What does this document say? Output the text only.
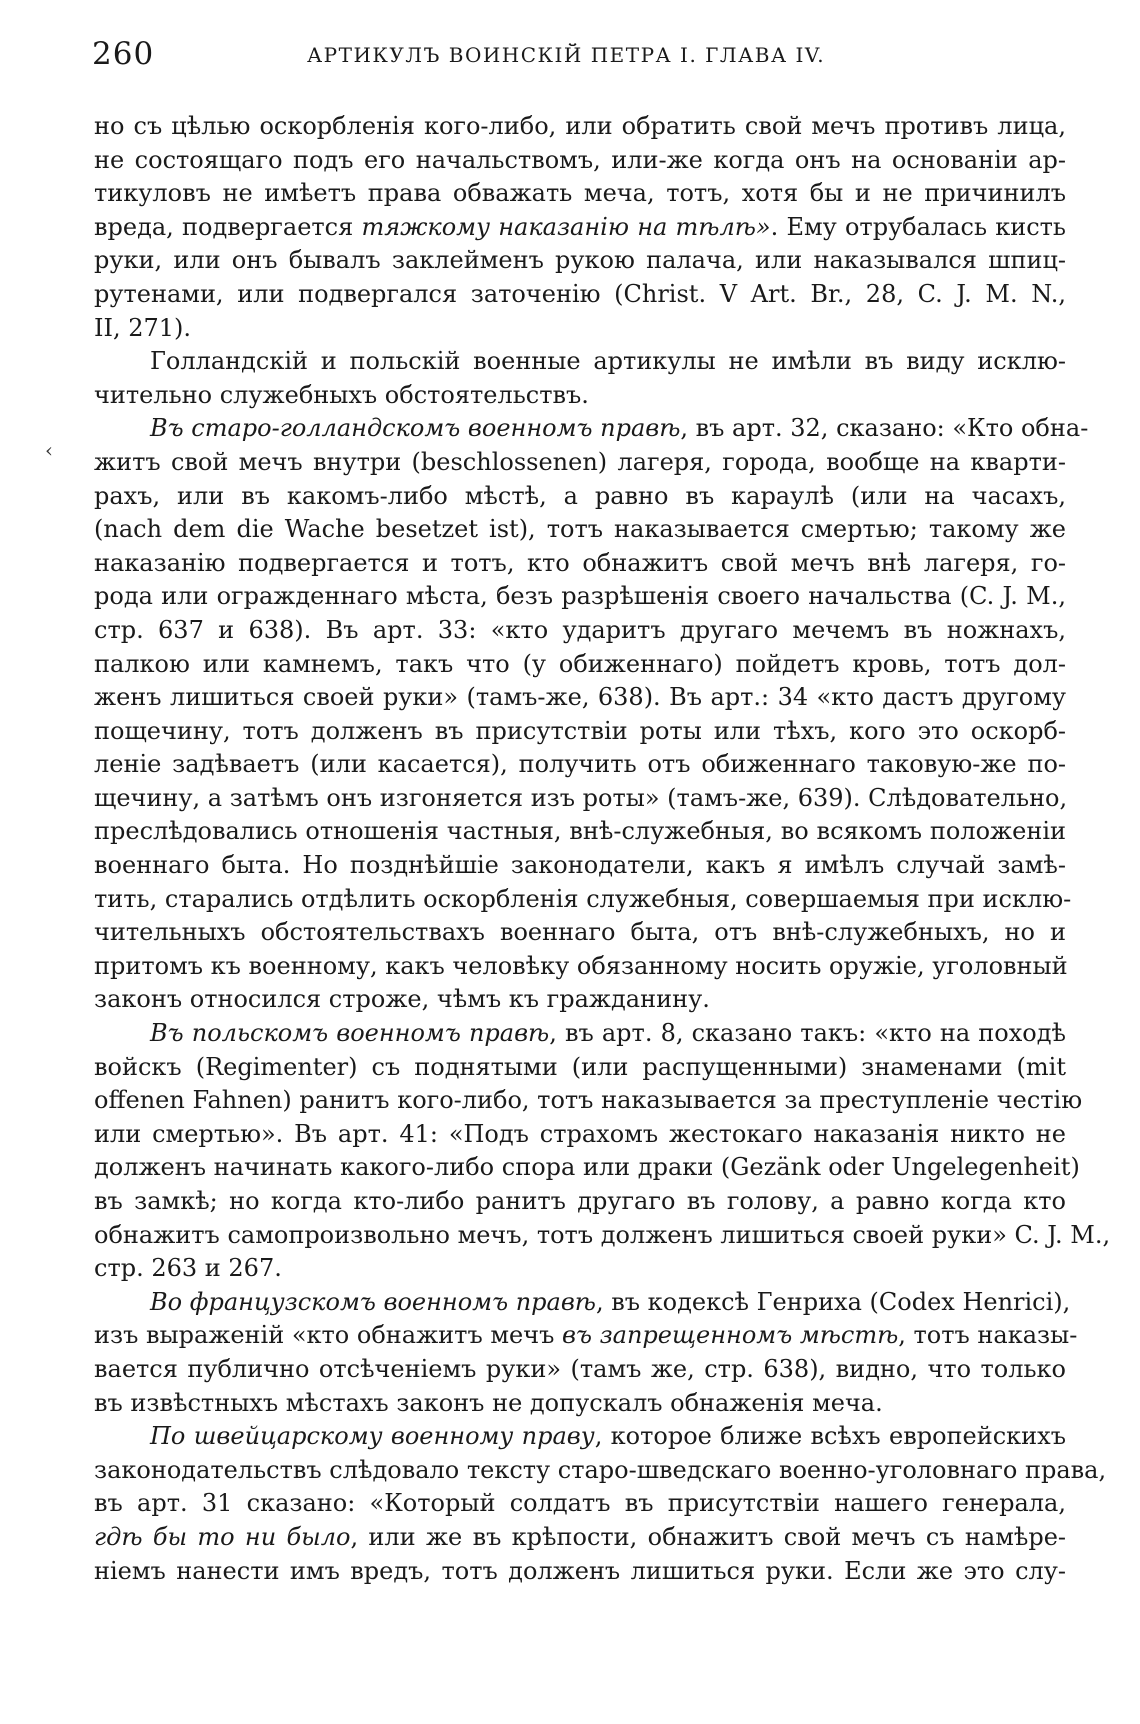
260	АРТИКУЛЪ ВОИНСКІЙ ПЕТРА І. ГЛАВА IV.
‹
но съ цѣлью оскорбленія кого-либо, или обратить свой мечъ противъ лица,
не состоящаго подъ его начальствомъ, или-же когда онъ на основаніи ар-
тикуловъ не имѣетъ права обважать меча, тотъ, хотя бы и не причинилъ
вреда, подвергается тяжкому наказанію на тѣлѣ». Ему отрубалась кисть
руки, или онъ бывалъ заклейменъ рукою палача, или наказывался шпиц-
рутенами, или подвергался заточенію (Christ. V Art. Br., 28, C. J. M. N.,
II, 271).
Голландскій и польскій военные артикулы не имѣли въ виду исклю-
чительно служебныхъ обстоятельствъ.
Въ старо-голландскомъ военномъ правѣ, въ арт. 32, сказано: «Кто обна-
житъ свой мечъ внутри (beschlossenen) лагеря, города, вообще на кварти-
рахъ, или въ какомъ-либо мѣстѣ, а равно въ караулѣ (или на часахъ,
(nach dem die Wache besetzet ist), тотъ наказывается смертью; такому же
наказанію подвергается и тотъ, кто обнажитъ свой мечъ внѣ лагеря, го-
рода или огражденнаго мѣста, безъ разрѣшенія своего начальства (C. J. M.,
стр. 637 и 638). Въ арт. 33: «кто ударитъ другаго мечемъ въ ножнахъ,
палкою или камнемъ, такъ что (у обиженнаго) пойдетъ кровь, тотъ дол-
женъ лишиться своей руки» (тамъ-же, 638). Въ арт.: 34 «кто дастъ другому
пощечину, тотъ долженъ въ присутствіи роты или тѣхъ, кого это оскорб-
леніе задѣваетъ (или касается), получить отъ обиженнаго таковую-же по-
щечину, а затѣмъ онъ изгоняется изъ роты» (тамъ-же, 639). Слѣдовательно,
преслѣдовались отношенія частныя, внѣ-служебныя, во всякомъ положеніи
военнаго быта. Но позднѣйшіе законодатели, какъ я имѣлъ случай замѣ-
тить, старались отдѣлить оскорбленія служебныя, совершаемыя при исклю-
чительныхъ обстоятельствахъ военнаго быта, отъ внѣ-служебныхъ, но и
притомъ къ военному, какъ человѣку обязанному носить оружіе, уголовный
законъ относился строже, чѣмъ къ гражданину.
Въ польскомъ военномъ правѣ, въ арт. 8, сказано такъ: «кто на походѣ
войскъ (Regimenter) съ поднятыми (или распущенными) знаменами (mit
offenen Fahnen) ранитъ кого-либо, тотъ наказывается за преступленіе честію
или смертью». Въ арт. 41: «Подъ страхомъ жестокаго наказанія никто не
долженъ начинать какого-либо спора или драки (Gezänk oder Ungelegenheit)
въ замкѣ; но когда кто-либо ранитъ другаго въ голову, а равно когда кто
обнажитъ самопроизвольно мечъ, тотъ долженъ лишиться своей руки» C. J. M.,
стр. 263 и 267.
Во французскомъ военномъ правѣ, въ кодексѣ Генриха (Codex Henrici),
изъ выраженій «кто обнажитъ мечъ въ запрещенномъ мѣстѣ, тотъ наказы-
вается публично отсѣченіемъ руки» (тамъ же, стр. 638), видно, что только
въ извѣстныхъ мѣстахъ законъ не допускалъ обнаженія меча.
По швейцарскому военному праву, которое ближе всѣхъ европейскихъ
законодательствъ слѣдовало тексту старо-шведскаго военно-уголовнаго права,
въ арт. 31 сказано: «Который солдатъ въ присутствіи нашего генерала,
гдѣ бы то ни было, или же въ крѣпости, обнажитъ свой мечъ съ намѣре-
ніемъ нанести имъ вредъ, тотъ долженъ лишиться руки. Если же это слу-
